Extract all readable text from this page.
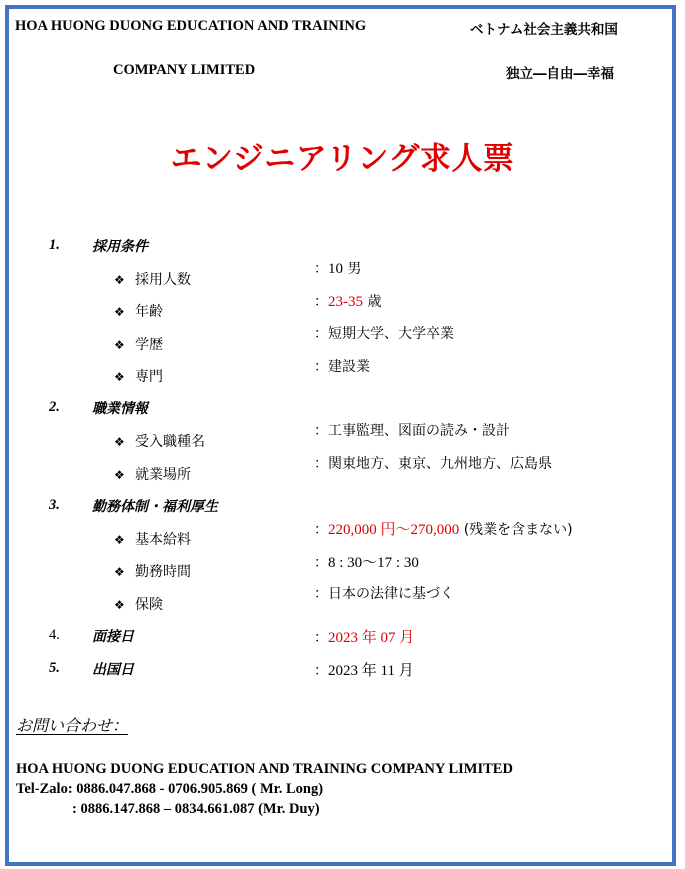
HOA HUONG DUONG EDUCATION AND TRAINING
COMPANY LIMITED
ベトナム社会主義共和国
独立―自由―幸福
エンジニアリング求人票
1. 採用条件
❖ 採用人数
：10 男
❖ 年齢
：23-35 歳
❖ 学歴
：短期大学、大学卒業
❖ 専門
：建設業
2. 職業情報
❖ 受入職種名
：工事監理、図面の読み・設計
❖ 就業場所
：関東地方、東京、九州地方、広島県
3. 勤務体制・福利厚生
❖ 基本給料
：220,000 円～270,000 (残業を含まない)
❖ 勤務時間
：8 : 30～17 : 30
❖ 保険
：日本の法律に基づく
4. 面接日	：2023 年 07 月
5. 出国日	：2023 年 11 月
お問い合わせ：
HOA HUONG DUONG EDUCATION AND TRAINING COMPANY LIMITED
Tel-Zalo: 0886.047.868 - 0706.905.869 ( Mr. Long)
: 0886.147.868 – 0834.661.087 (Mr. Duy)
